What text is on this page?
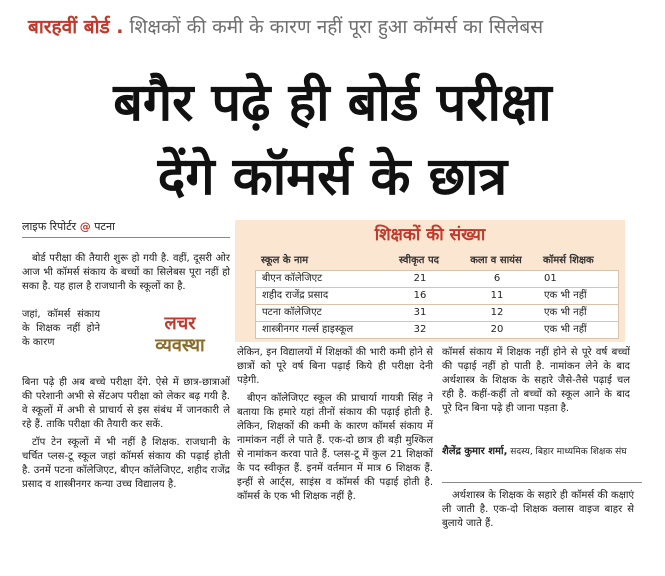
बारहवीं बोर्ड . शिक्षकों की कमी के कारण नहीं पूरा हुआ कॉमर्स का सिलेबस
बगैर पढ़े ही बोर्ड परीक्षा
देंगे कॉमर्स के छात्र
लाइफ रिपोर्टर @ पटना

बोर्ड परीक्षा की तैयारी शुरू हो गयी है. वहीं, दूसरी ओर आज भी कॉमर्स संकाय के बच्चों का सिलेबस पूरा नहीं हो सका है. यह हाल है राजधानी के स्कूलों का है.

जहां, कॉमर्स संकाय के शिक्षक नहीं होने के कारण

लचर
व्यवस्था

बिना पढ़े ही अब बच्चे परीक्षा देंगे. ऐसे में छात्र-छात्राओं की परेशानी अभी से सेंटअप परीक्षा को लेकर बढ़ गयी है. वे स्कूलों में अभी से प्राचार्य से इस संबंध में जानकारी ले रहे हैं. ताकि परीक्षा की तैयारी कर सकें.

टॉप टेन स्कूलों में भी नहीं है शिक्षक. राजधानी के चर्चित प्लस-टू स्कूल जहां कॉमर्स संकाय की पढ़ाई होती है. उनमें पटना कॉलेजिएट, बीएन कॉलेजिएट, शहीद राजेंद्र प्रसाद व शास्त्रीनगर कन्या उच्च विद्यालय है.

शिक्षकों की संख्या
स्कूल के नाम	स्वीकृत पद	कला व सायंस	कॉमर्स शिक्षक
बीएन कॉलेजिएट	21	6	01
शहीद राजेंद्र प्रसाद	16	11	एक भी नहीं
पटना कॉलेजिएट	31	12	एक भी नहीं
शास्त्रीनगर गर्ल्स हाइस्कूल	32	20	एक भी नहीं

लेकिन, इन विद्यालयों में शिक्षकों की भारी कमी होने से छात्रों को पूरे वर्ष बिना पढ़ाई किये ही परीक्षा देनी पड़ेगी.

बीएन कॉलेजिएट स्कूल की प्राचार्या गायत्री सिंह ने बताया कि हमारे यहां तीनों संकाय की पढ़ाई होती है. लेकिन, शिक्षकों की कमी के कारण कॉमर्स संकाय में नामांकन नहीं ले पाते हैं. एक-दो छात्र ही बड़ी मुश्किल से नामांकन करवा पाते हैं. प्लस-टू में कुल 21 शिक्षकों के पद स्वीकृत हैं. इनमें वर्तमान में मात्र 6 शिक्षक हैं. इन्हीं से आर्ट्स, साइंस व कॉमर्स की पढ़ाई होती है. कॉमर्स के एक भी शिक्षक नहीं है.

कॉमर्स संकाय में शिक्षक नहीं होने से पूरे वर्ष बच्चों की पढ़ाई नहीं हो पाती है. नामांकन लेने के बाद अर्थशास्त्र के शिक्षक के सहारे जैसे-तैसे पढ़ाई चल रही है. कहीं-कहीं तो बच्चों को स्कूल आने के बाद पूरे दिन बिना पढ़े ही जाना पड़ता है.

शैलेंद्र कुमार शर्मा, सदस्य, बिहार माध्यमिक शिक्षक संघ

अर्थशास्त्र के शिक्षक के सहारे ही कॉमर्स की कक्षाएं ली जाती है. एक-दो शिक्षक क्लास वाइज बाहर से बुलाये जाते हैं.
